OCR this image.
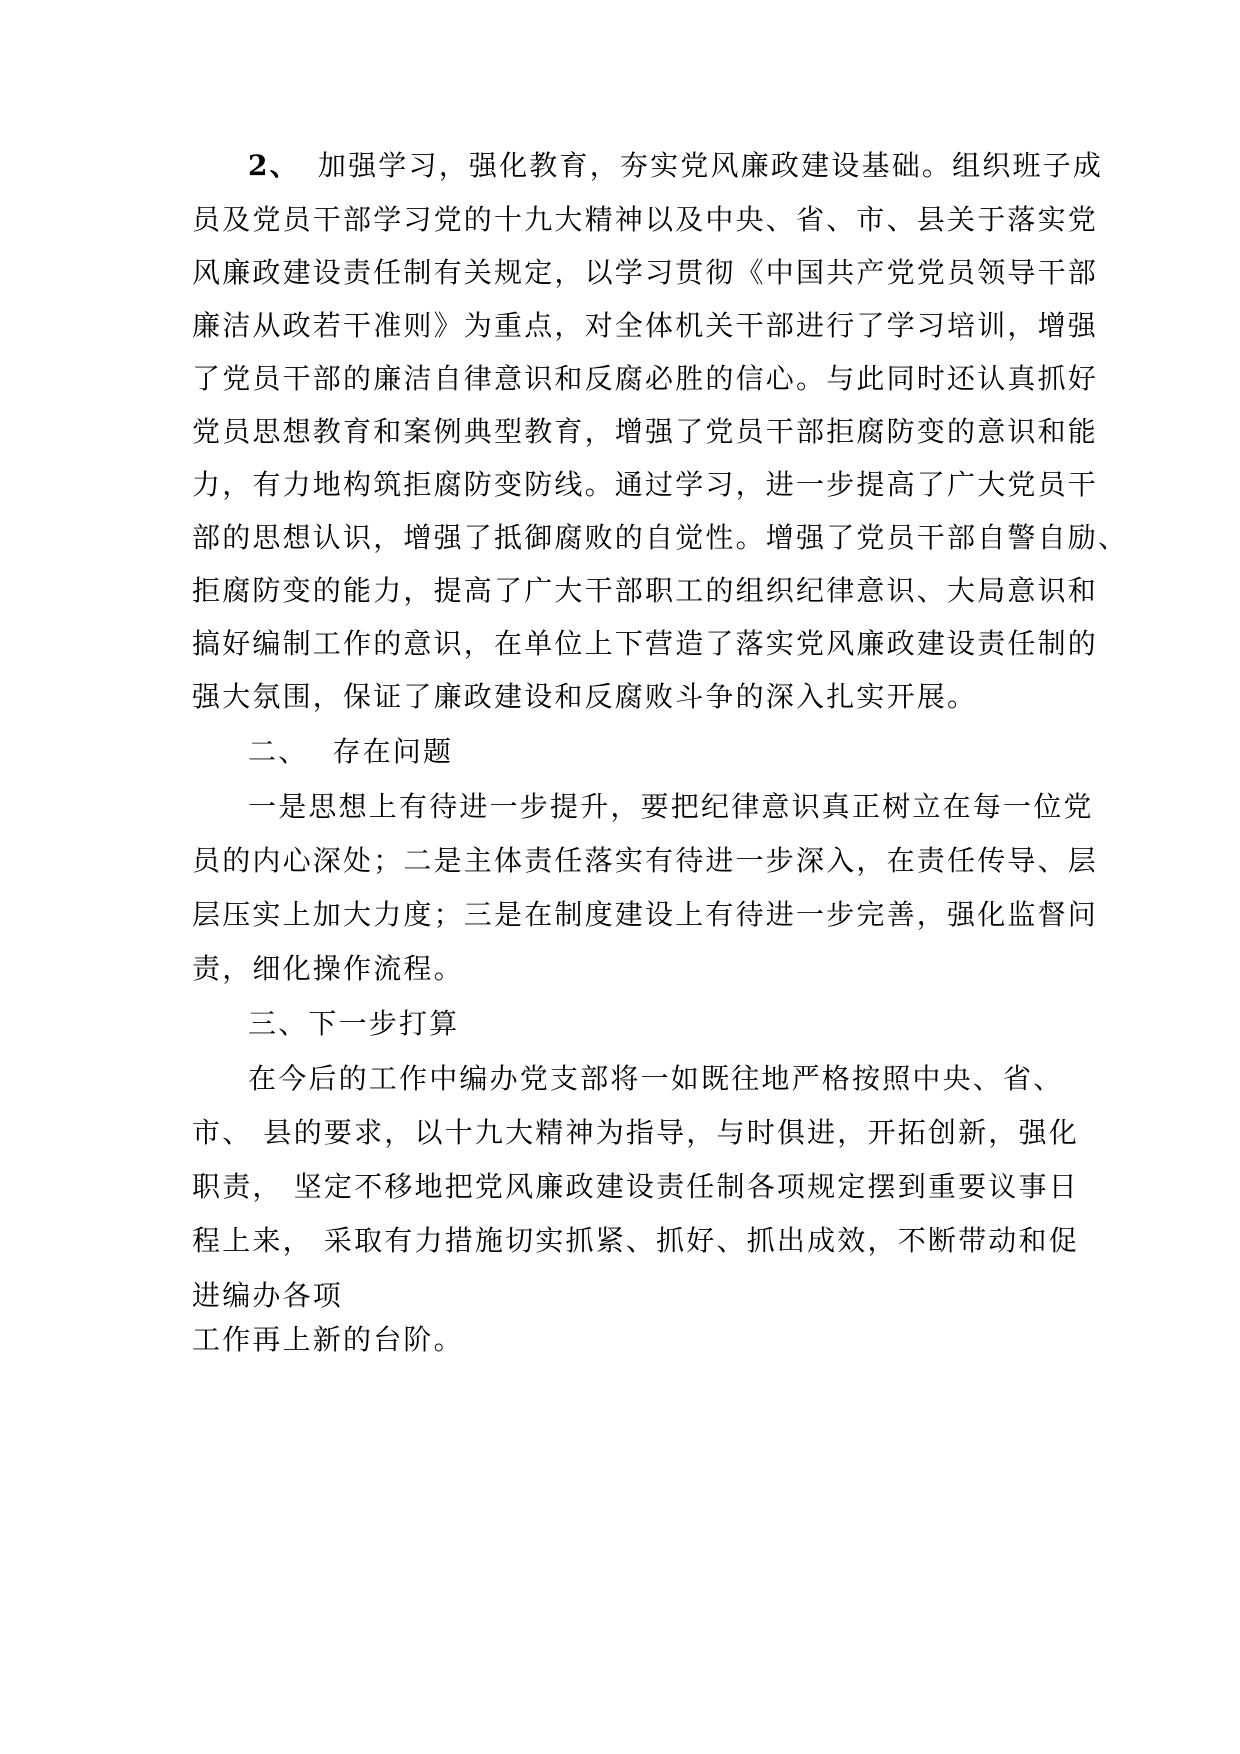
2、 加强学习，强化教育，夯实党风廉政建设基础。组织班子成
员及党员干部学习党的十九大精神以及中央、省、市、县关于落实党
风廉政建设责任制有关规定，以学习贯彻《中国共产党党员领导干部
廉洁从政若干准则》为重点，对全体机关干部进行了学习培训，增强
了党员干部的廉洁自律意识和反腐必胜的信心。与此同时还认真抓好
党员思想教育和案例典型教育，增强了党员干部拒腐防变的意识和能
力，有力地构筑拒腐防变防线。通过学习，进一步提高了广大党员干
部的思想认识，增强了抵御腐败的自觉性。增强了党员干部自警自励、
拒腐防变的能力，提高了广大干部职工的组织纪律意识、大局意识和
搞好编制工作的意识，在单位上下营造了落实党风廉政建设责任制的
强大氛围，保证了廉政建设和反腐败斗争的深入扎实开展。
二、 存在问题
一是思想上有待进一步提升，要把纪律意识真正树立在每一位党
员的内心深处；二是主体责任落实有待进一步深入，在责任传导、层
层压实上加大力度；三是在制度建设上有待进一步完善，强化监督问
责，细化操作流程。
三、下一步打算
在今后的工作中编办党支部将一如既往地严格按照中央、省、
市、 县的要求，以十九大精神为指导，与时俱进，开拓创新，强化
职责， 坚定不移地把党风廉政建设责任制各项规定摆到重要议事日
程上来， 采取有力措施切实抓紧、抓好、抓出成效，不断带动和促
进编办各项
工作再上新的台阶。
